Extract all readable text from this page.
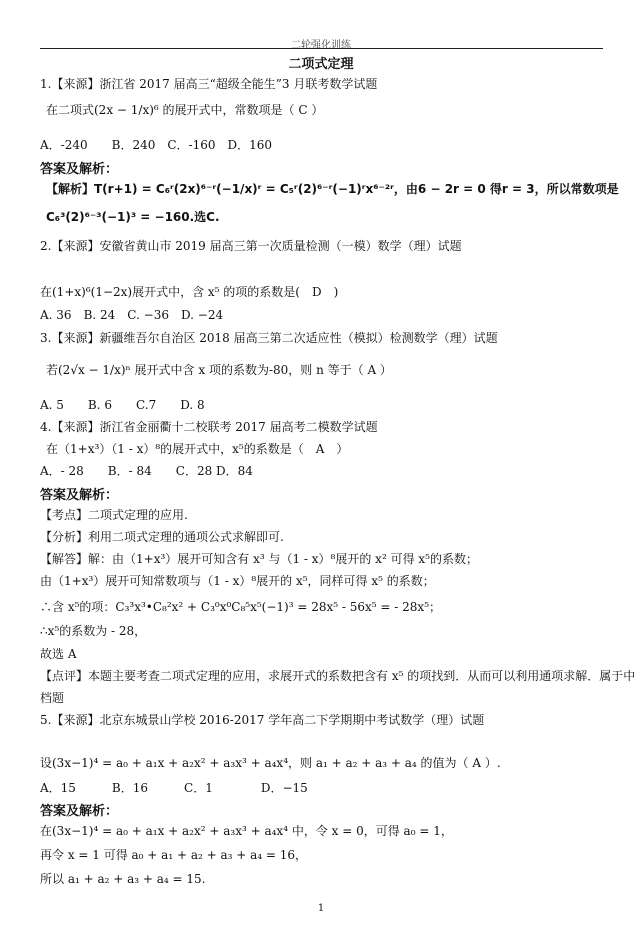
二轮强化训练
二项式定理
1.【来源】浙江省 2017 届高三“超级全能生”3 月联考数学试题
在二项式(2x − 1/x)⁶ 的展开式中，常数项是（ C ）
A．-240　　B．240　C．-160　D．160
答案及解析：
【解析】T(r+1) = C₆ʳ(2x)⁶⁻ʳ(−1/x)ʳ = C₅ʳ(2)⁶⁻ʳ(−1)ʳx⁶⁻²ʳ，由6 − 2r = 0 得r = 3，所以常数项是
C₆³(2)⁶⁻³(−1)³ = −160.选C.
2.【来源】安徽省黄山市 2019 届高三第一次质量检测（一模）数学（理）试题
在(1+x)⁶(1−2x)展开式中，含 x⁵ 的项的系数是(　D　)
A. 36　B. 24　C. −36　D. −24
3.【来源】新疆维吾尔自治区 2018 届高三第二次适应性（模拟）检测数学（理）试题
若(2√x − 1/x)ⁿ 展开式中含 x 项的系数为-80，则 n 等于（ A ）
A. 5　　B. 6　　C.7　　D. 8
4.【来源】浙江省金丽衢十二校联考 2017 届高考二模数学试题
在（1+x³）（1 - x）⁸的展开式中，x⁵的系数是（　A　）
A．- 28　　B．- 84　　C．28 D．84
答案及解析：
【考点】二项式定理的应用.
【分析】利用二项式定理的通项公式求解即可.
【解答】解：由（1+x³）展开可知含有 x³ 与（1 - x）⁸展开的 x² 可得 x⁵的系数；
由（1+x³）展开可知常数项与（1 - x）⁸展开的 x⁵，同样可得 x⁵ 的系数；
∴含 x⁵的项：C₃³x³•C₈²x² + C₃⁰x⁰C₈⁵x⁵(−1)³ = 28x⁵ - 56x⁵ = - 28x⁵；
∴x⁵的系数为 - 28，
故选 A
【点评】本题主要考查二项式定理的应用，求展开式的系数把含有 x⁵ 的项找到．从而可以利用通项求解．属于中
档题
5.【来源】北京东城景山学校 2016-2017 学年高二下学期期中考试数学（理）试题
设(3x−1)⁴ = a₀ + a₁x + a₂x² + a₃x³ + a₄x⁴，则 a₁ + a₂ + a₃ + a₄ 的值为（ A ）.
A．15　　　B．16　　　C．1　　　　D．−15
答案及解析：
在(3x−1)⁴ = a₀ + a₁x + a₂x² + a₃x³ + a₄x⁴ 中，令 x = 0，可得 a₀ = 1，
再令 x = 1 可得 a₀ + a₁ + a₂ + a₃ + a₄ = 16，
所以 a₁ + a₂ + a₃ + a₄ = 15.
1
